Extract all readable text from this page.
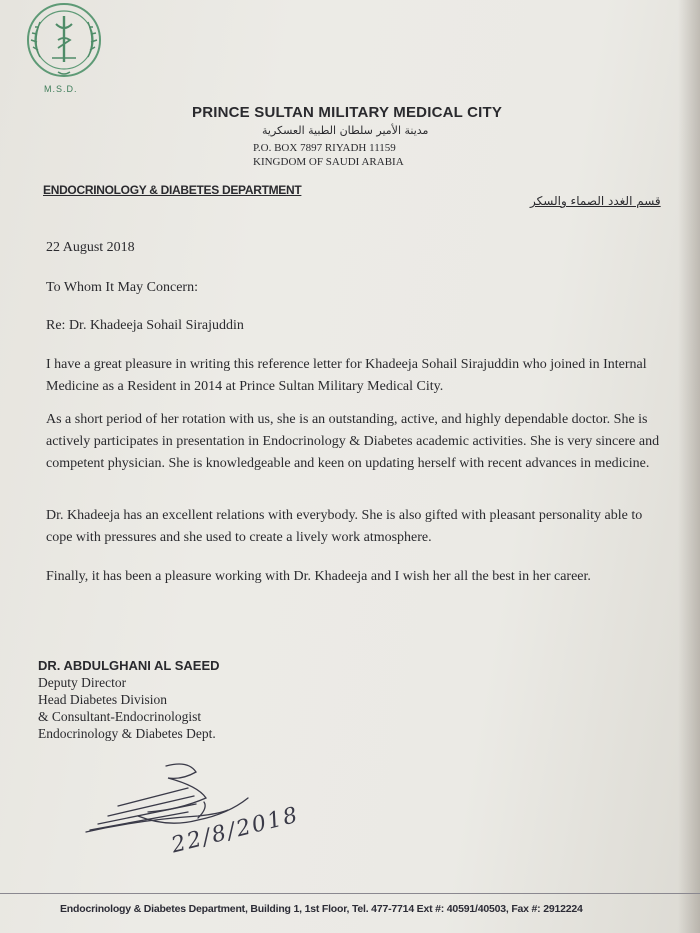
M.S.D.
PRINCE SULTAN MILITARY MEDICAL CITY
مدينة الأمير سلطان الطبية العسكرية
P.O. BOX 7897 RIYADH 11159
KINGDOM OF SAUDI ARABIA
ENDOCRINOLOGY & DIABETES DEPARTMENT
قسم الغدد الصماء والسكر
22 August 2018
To Whom It May Concern:
Re: Dr. Khadeeja Sohail Sirajuddin
I have a great pleasure in writing this reference letter for Khadeeja Sohail Sirajuddin who joined in Internal Medicine as a Resident in 2014 at Prince Sultan Military Medical City.
As a short period of her rotation with us, she is an outstanding, active, and highly dependable doctor. She is actively participates in presentation in Endocrinology & Diabetes academic activities. She is very sincere and competent physician. She is knowledgeable and keen on updating herself with recent advances in medicine.
Dr. Khadeeja has an excellent relations with everybody. She is also gifted with pleasant personality able to cope with pressures and she used to create a lively work atmosphere.
Finally, it has been a pleasure working with Dr. Khadeeja and I wish her all the best in her career.
DR. ABDULGHANI AL SAEED
Deputy Director
Head Diabetes Division
& Consultant-Endocrinologist
Endocrinology & Diabetes Dept.
22/8/2018
Endocrinology & Diabetes Department, Building 1, 1st Floor, Tel. 477-7714 Ext #: 40591/40503, Fax #: 2912224
